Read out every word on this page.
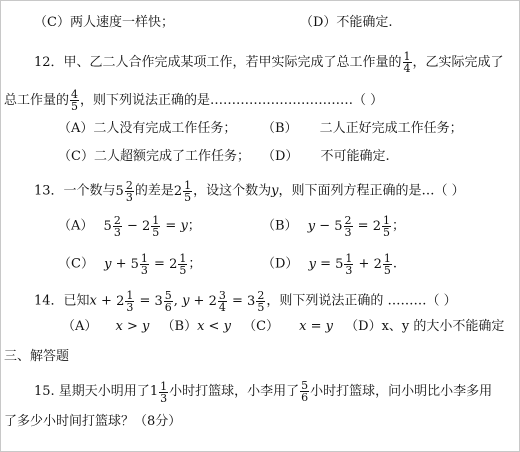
（C）两人速度一样快；	（D）不能确定.
12．甲、乙二人合作完成某项工作，若甲实际完成了总工作量的 $\frac{1}{4}$ ，乙实际完成了
总工作量的 $\frac{4}{5}$ ，则下列说法正确的是……………………………（ ）
（A）二人没有完成工作任务； （B） 二人正好完成工作任务；
（C）二人超额完成了工作任务； （D） 不可能确定.
13．一个数与 $5 \frac{2}{3}$ 的差是 $2 \frac{1}{5}$ ，设这个数为y，则下面列方程正确的是…（ ）
（A） $5 \frac{2}{3} - 2 \frac{1}{5} = y$；	（B） $y - 5 \frac{2}{3} = 2 \frac{1}{5}$ ；
（C） $y + 5 \frac{1}{3} = 2 \frac{1}{5}$ ；	（D） $y = 5 \frac{1}{3} + 2 \frac{1}{5}$ .
14．已知$x + 2 \frac{1}{3} = 3 \frac{5}{6}$ , $y + 2 \frac{3}{4} = 3 \frac{2}{5}$ ，则下列说法正确的 ………（ ）
（A） x > y （B）x < y （C） x = y （D）x、y 的大小不能确定
三、解答题
15. 星期天小明用了 $1 \frac{1}{3}$ 小时打篮球，小李用了 $\frac{5}{6}$ 小时打篮球，问小明比小李多用
了多少小时间打篮球？（8分）
